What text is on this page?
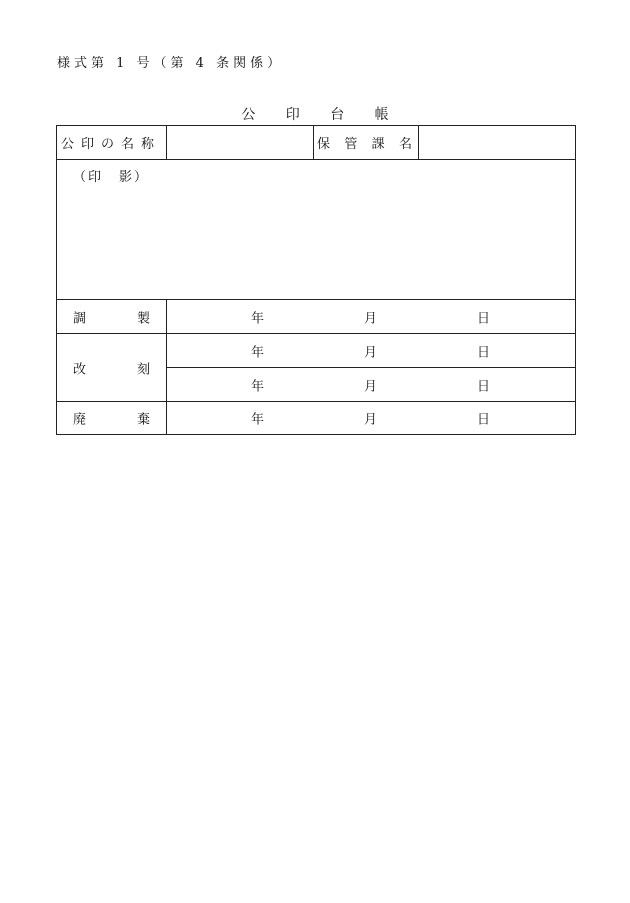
様式第 1 号（第 4 条関係）
公 印 台 帳
公印の名称		保 管 課 名	

（印 影）			

調 製	年 月 日		

改 刻	年 月 日		

	年 月 日		

廃 棄	年 月 日		
